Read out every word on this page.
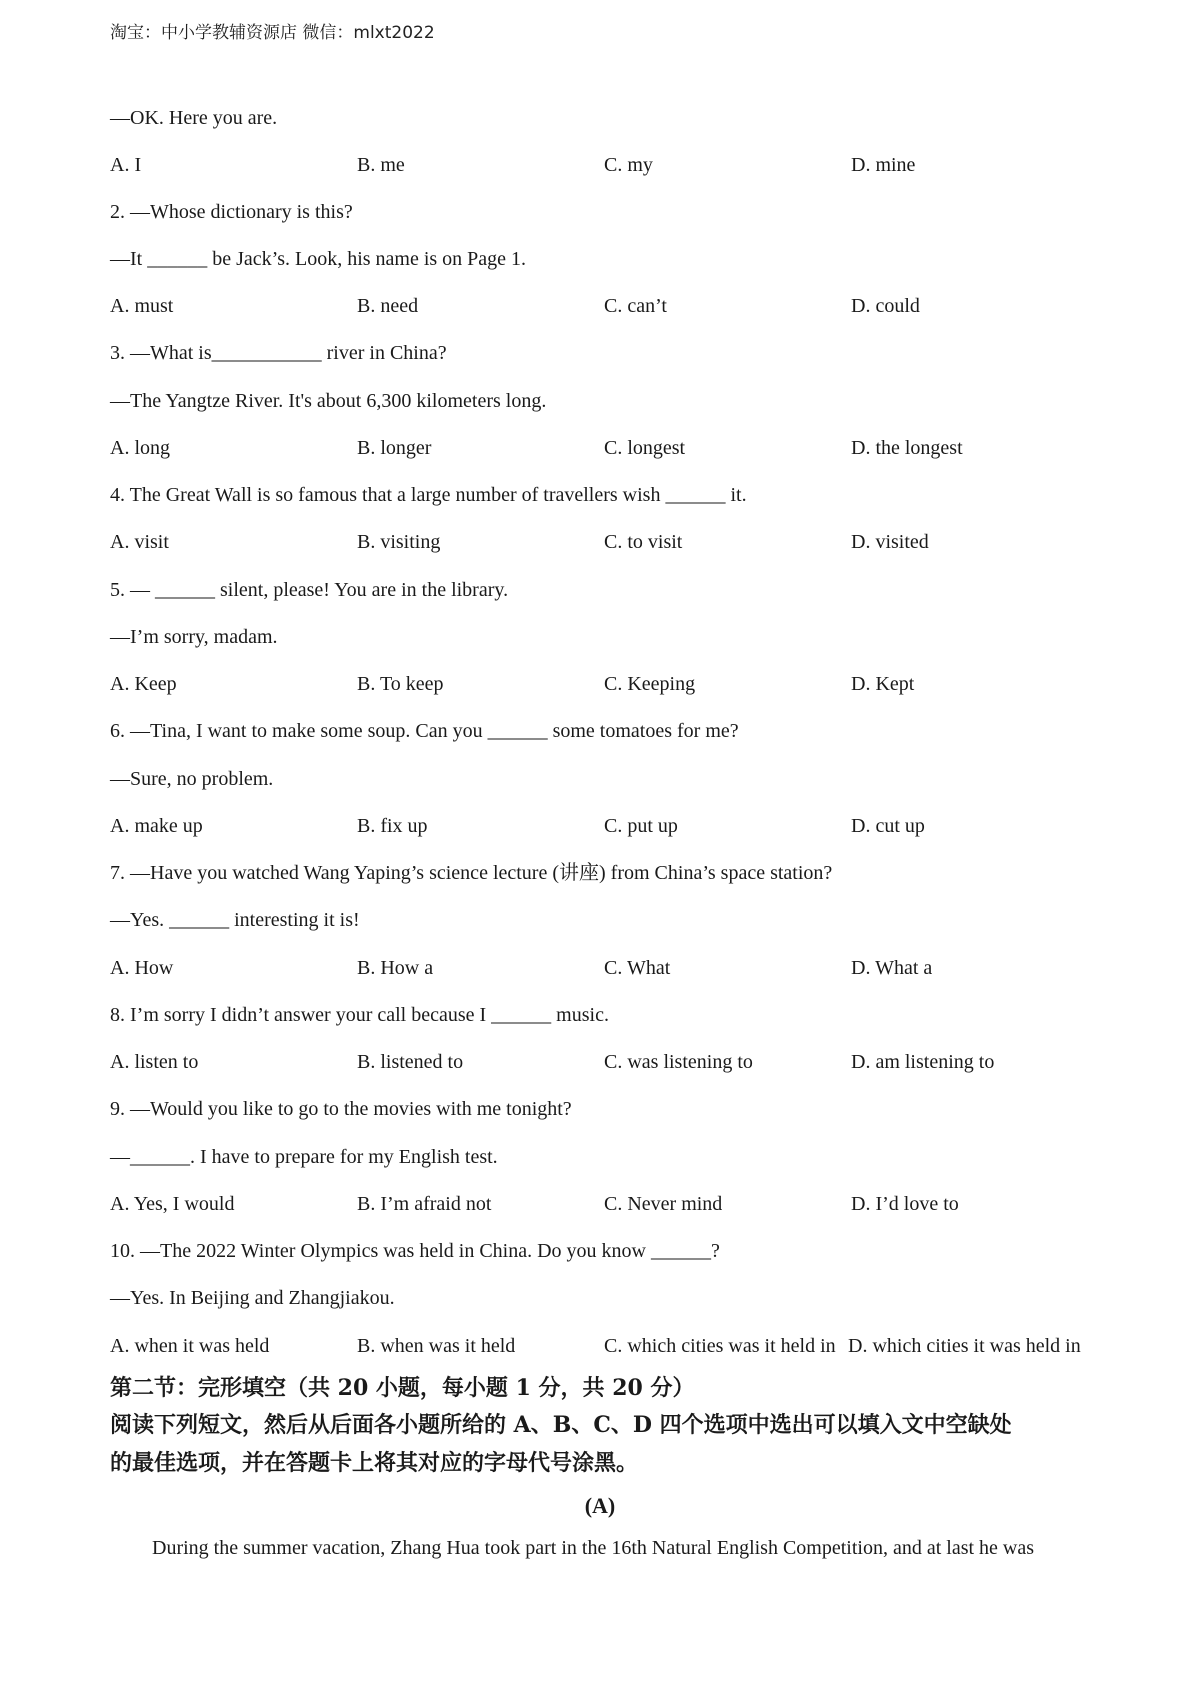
淘宝：中小学教辅资源店 微信：mlxt2022
—OK. Here you are.
A. I	B. me	C. my	D. mine
2. —Whose dictionary is this?
—It ______ be Jack’s. Look, his name is on Page 1.
A. must	B. need	C. can’t	D. could
3. —What is___________ river in China?
—The Yangtze River. It's about 6,300 kilometers long.
A. long	B. longer	C. longest	D. the longest
4. The Great Wall is so famous that a large number of travellers wish ______ it.
A. visit	B. visiting	C. to visit	D. visited
5. — ______ silent, please! You are in the library.
—I’m sorry, madam.
A. Keep	B. To keep	C. Keeping	D. Kept
6. —Tina, I want to make some soup. Can you ______ some tomatoes for me?
—Sure, no problem.
A. make up	B. fix up	C. put up	D. cut up
7. —Have you watched Wang Yaping’s science lecture (讲座) from China’s space station?
—Yes. ______ interesting it is!
A. How	B. How a	C. What	D. What a
8. I’m sorry I didn’t answer your call because I ______ music.
A. listen to	B. listened to	C. was listening to	D. am listening to
9. —Would you like to go to the movies with me tonight?
—______. I have to prepare for my English test.
A. Yes, I would	B. I’m afraid not	C. Never mind	D. I’d love to
10. —The 2022 Winter Olympics was held in China. Do you know ______?
—Yes. In Beijing and Zhangjiakou.
A. when it was held	B. when was it held	C. which cities was it held in D. which cities it was held in
第二节：完形填空（共 20 小题，每小题 1 分，共 20 分）
阅读下列短文，然后从后面各小题所给的 A、B、C、D 四个选项中选出可以填入文中空缺处
的最佳选项，并在答题卡上将其对应的字母代号涂黑。
(A)
During the summer vacation, Zhang Hua took part in the 16th Natural English Competition, and at last he was
